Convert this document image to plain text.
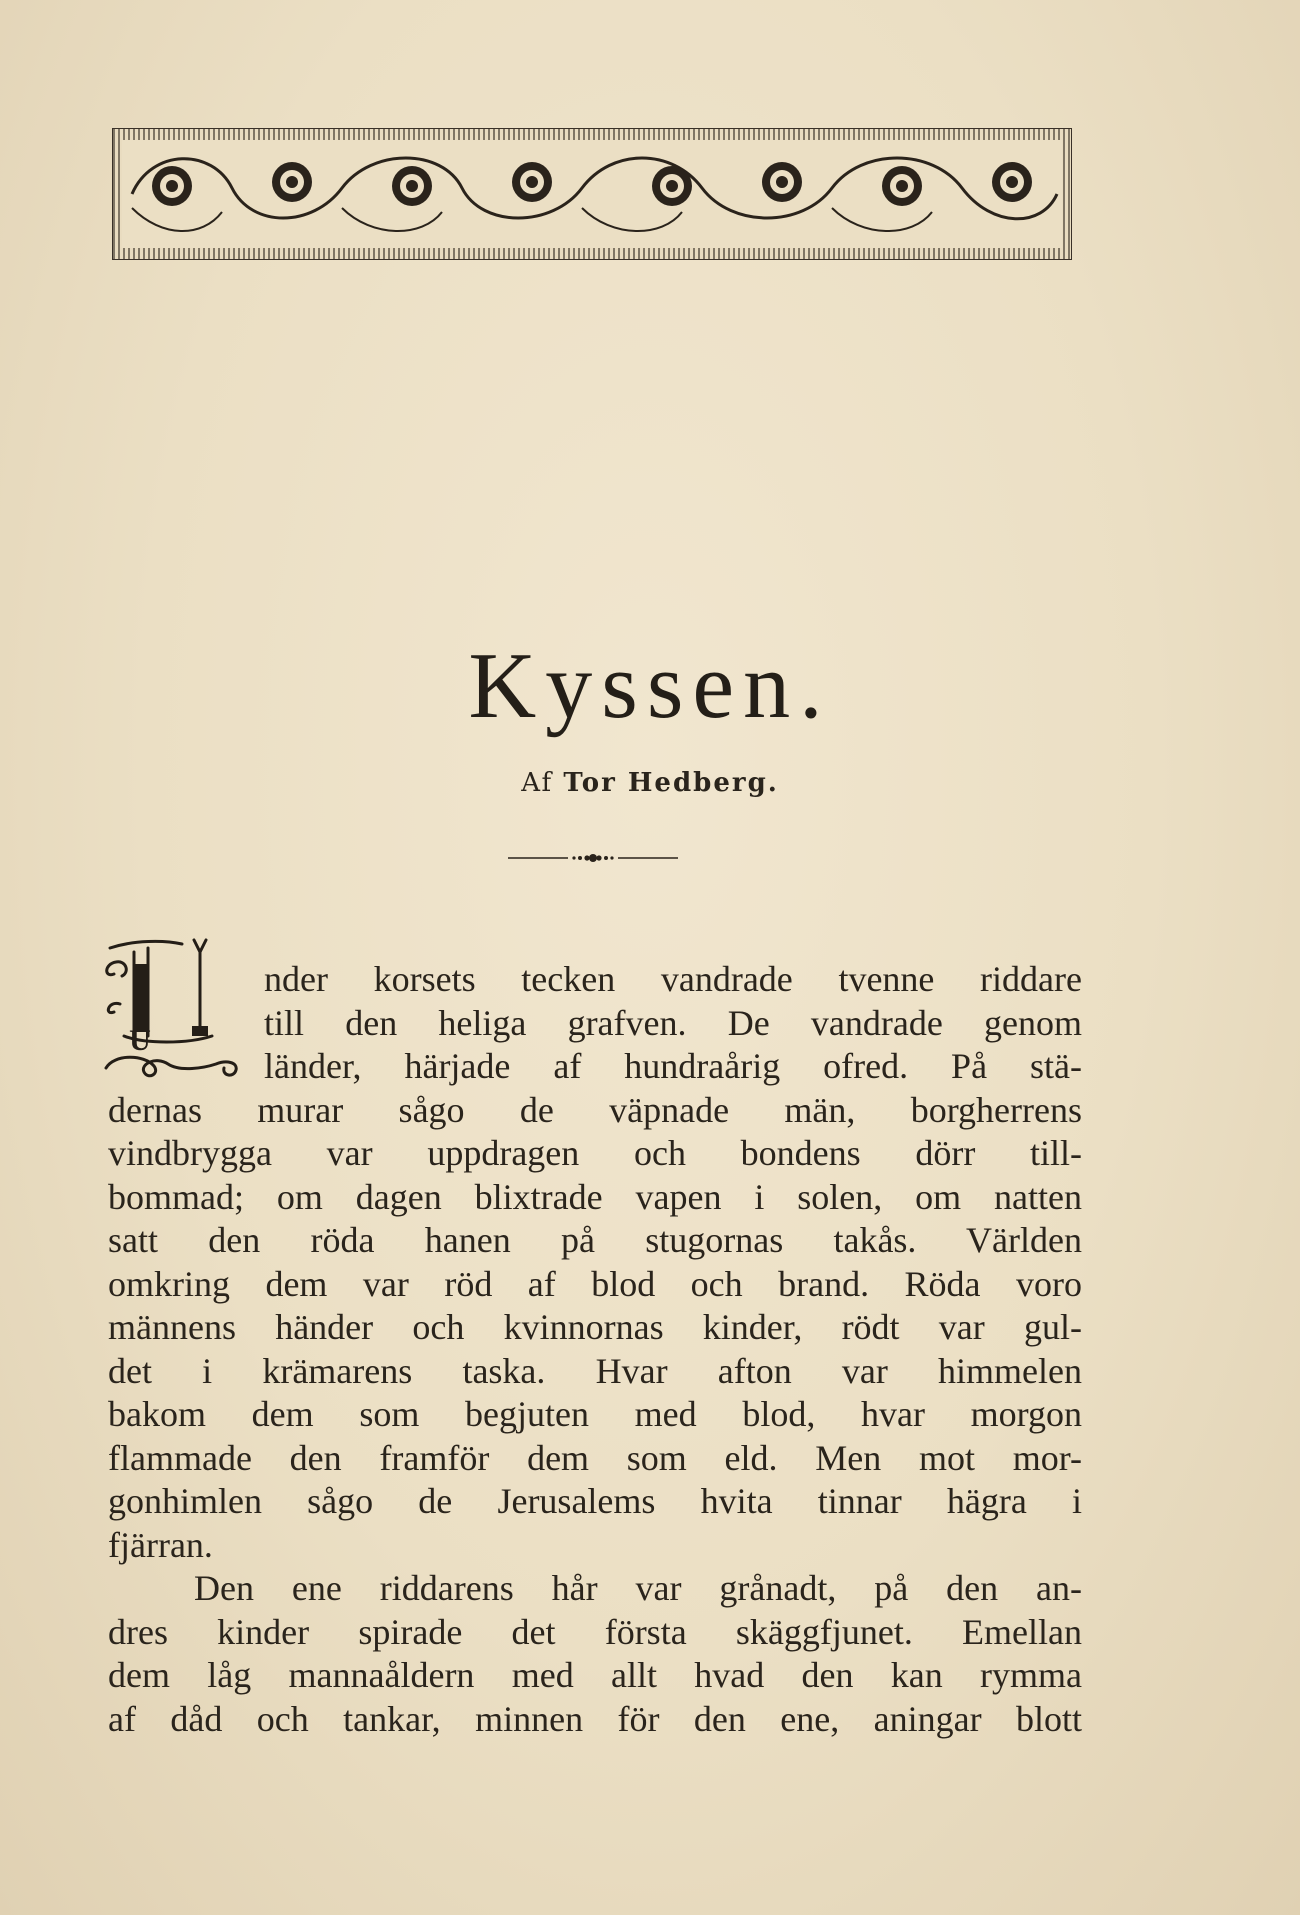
Kyssen.
Af Tor Hedberg.
U
nder korsets tecken vandrade tvenne riddare
till den heliga grafven. De vandrade genom
länder, härjade af hundraårig ofred. På stä-
dernas murar sågo de väpnade män, borgherrens
vindbrygga var uppdragen och bondens dörr till-
bommad; om dagen blixtrade vapen i solen, om natten
satt den röda hanen på stugornas takås. Världen
omkring dem var röd af blod och brand. Röda voro
männens händer och kvinnornas kinder, rödt var gul-
det i krämarens taska. Hvar afton var himmelen
bakom dem som begjuten med blod, hvar morgon
flammade den framför dem som eld. Men mot mor-
gonhimlen sågo de Jerusalems hvita tinnar hägra i
fjärran.
Den ene riddarens hår var grånadt, på den an-
dres kinder spirade det första skäggfjunet. Emellan
dem låg mannaåldern med allt hvad den kan rymma
af dåd och tankar, minnen för den ene, aningar blott
